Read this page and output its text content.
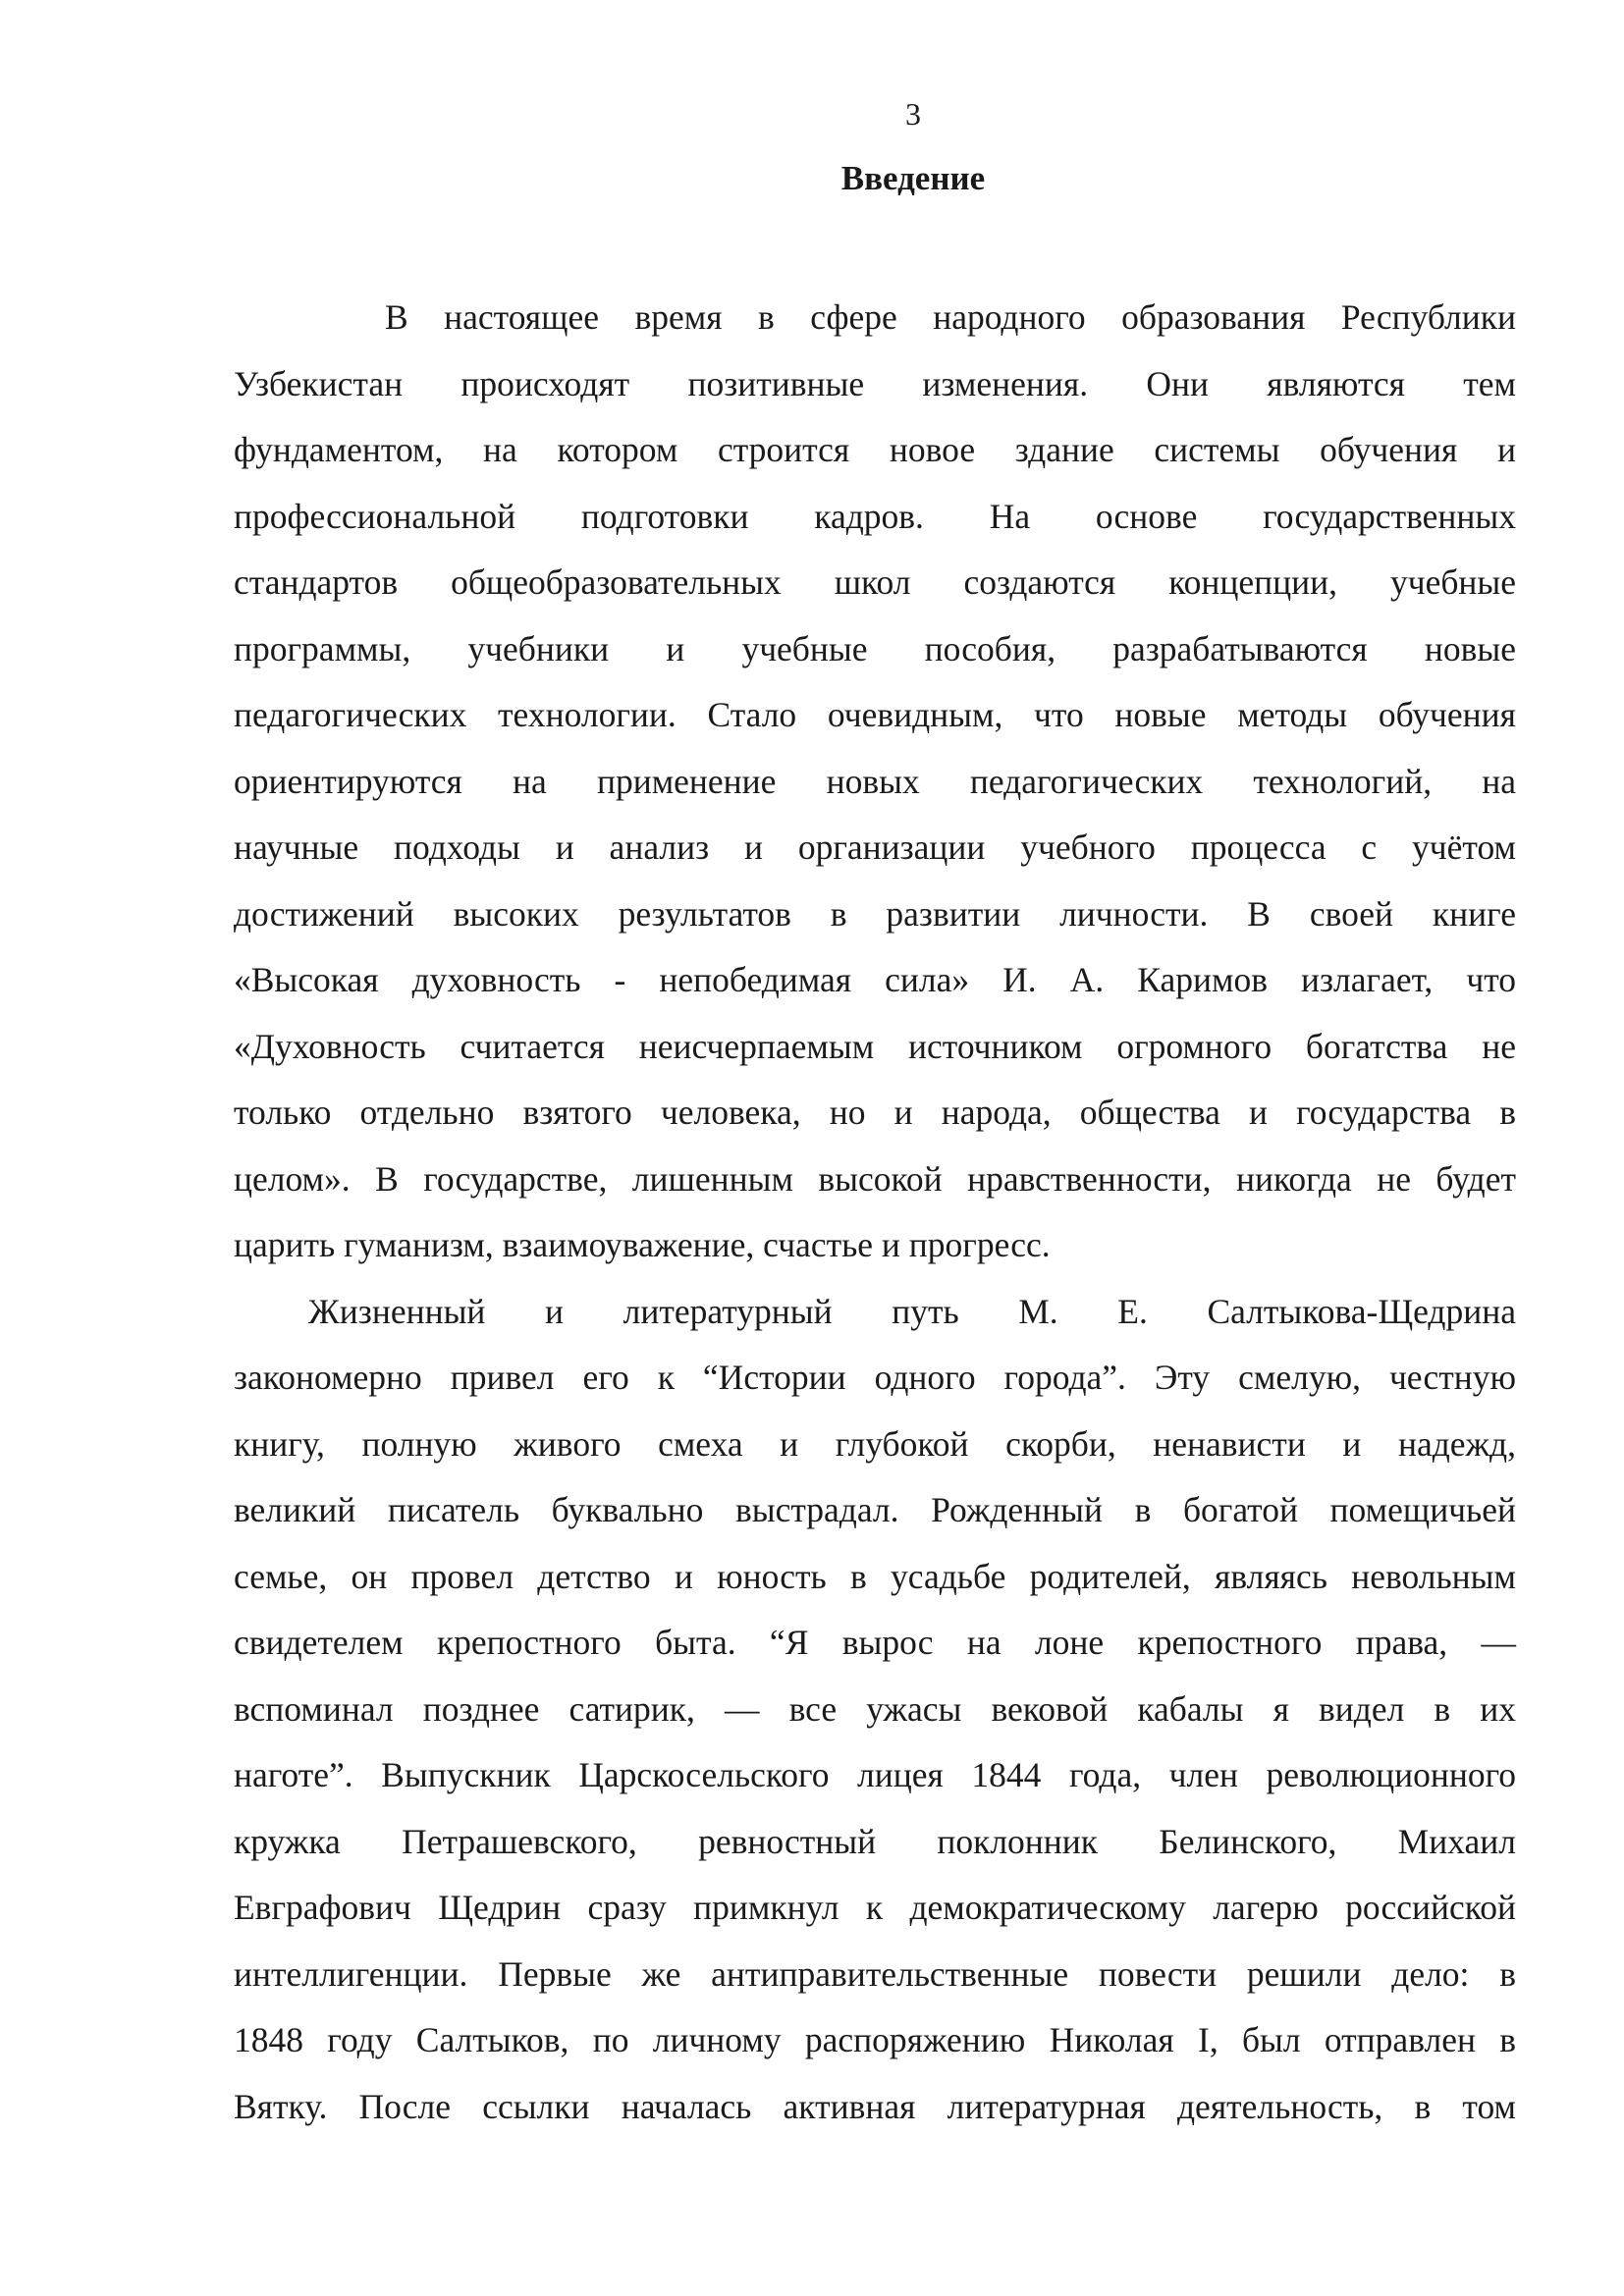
3
Введение
В настоящее время в сфере народного образования Республики
Узбекистан происходят позитивные изменения. Они являются тем
фундаментом, на котором строится новое здание системы обучения и
профессиональной подготовки кадров. На основе государственных
стандартов общеобразовательных школ создаются концепции, учебные
программы, учебники и учебные пособия, разрабатываются новые
педагогических технологии. Стало очевидным, что новые методы обучения
ориентируются на применение новых педагогических технологий, на
научные подходы и анализ и организации учебного процесса с учётом
достижений высоких результатов в развитии личности. В своей книге
«Высокая духовность - непобедимая сила» И. А. Каримов излагает, что
«Духовность считается неисчерпаемым источником огромного богатства не
только отдельно взятого человека, но и народа, общества и государства в
целом». В государстве, лишенным высокой нравственности, никогда не будет
царить гуманизм, взаимоуважение, счастье и прогресс.
Жизненный и литературный путь М. Е. Салтыкова-Щедрина
закономерно привел его к “Истории одного города”. Эту смелую, честную
книгу, полную живого смеха и глубокой скорби, ненависти и надежд,
великий писатель буквально выстрадал. Рожденный в богатой помещичьей
семье, он провел детство и юность в усадьбе родителей, являясь невольным
свидетелем крепостного быта. “Я вырос на лоне крепостного права, —
вспоминал позднее сатирик, — все ужасы вековой кабалы я видел в их
наготе”. Выпускник Царскосельского лицея 1844 года, член революционного
кружка Петрашевского, ревностный поклонник Белинского, Михаил
Евграфович Щедрин сразу примкнул к демократическому лагерю российской
интеллигенции. Первые же антиправительственные повести решили дело: в
1848 году Салтыков, по личному распоряжению Николая I, был отправлен в
Вятку. После ссылки началась активная литературная деятельность, в том
